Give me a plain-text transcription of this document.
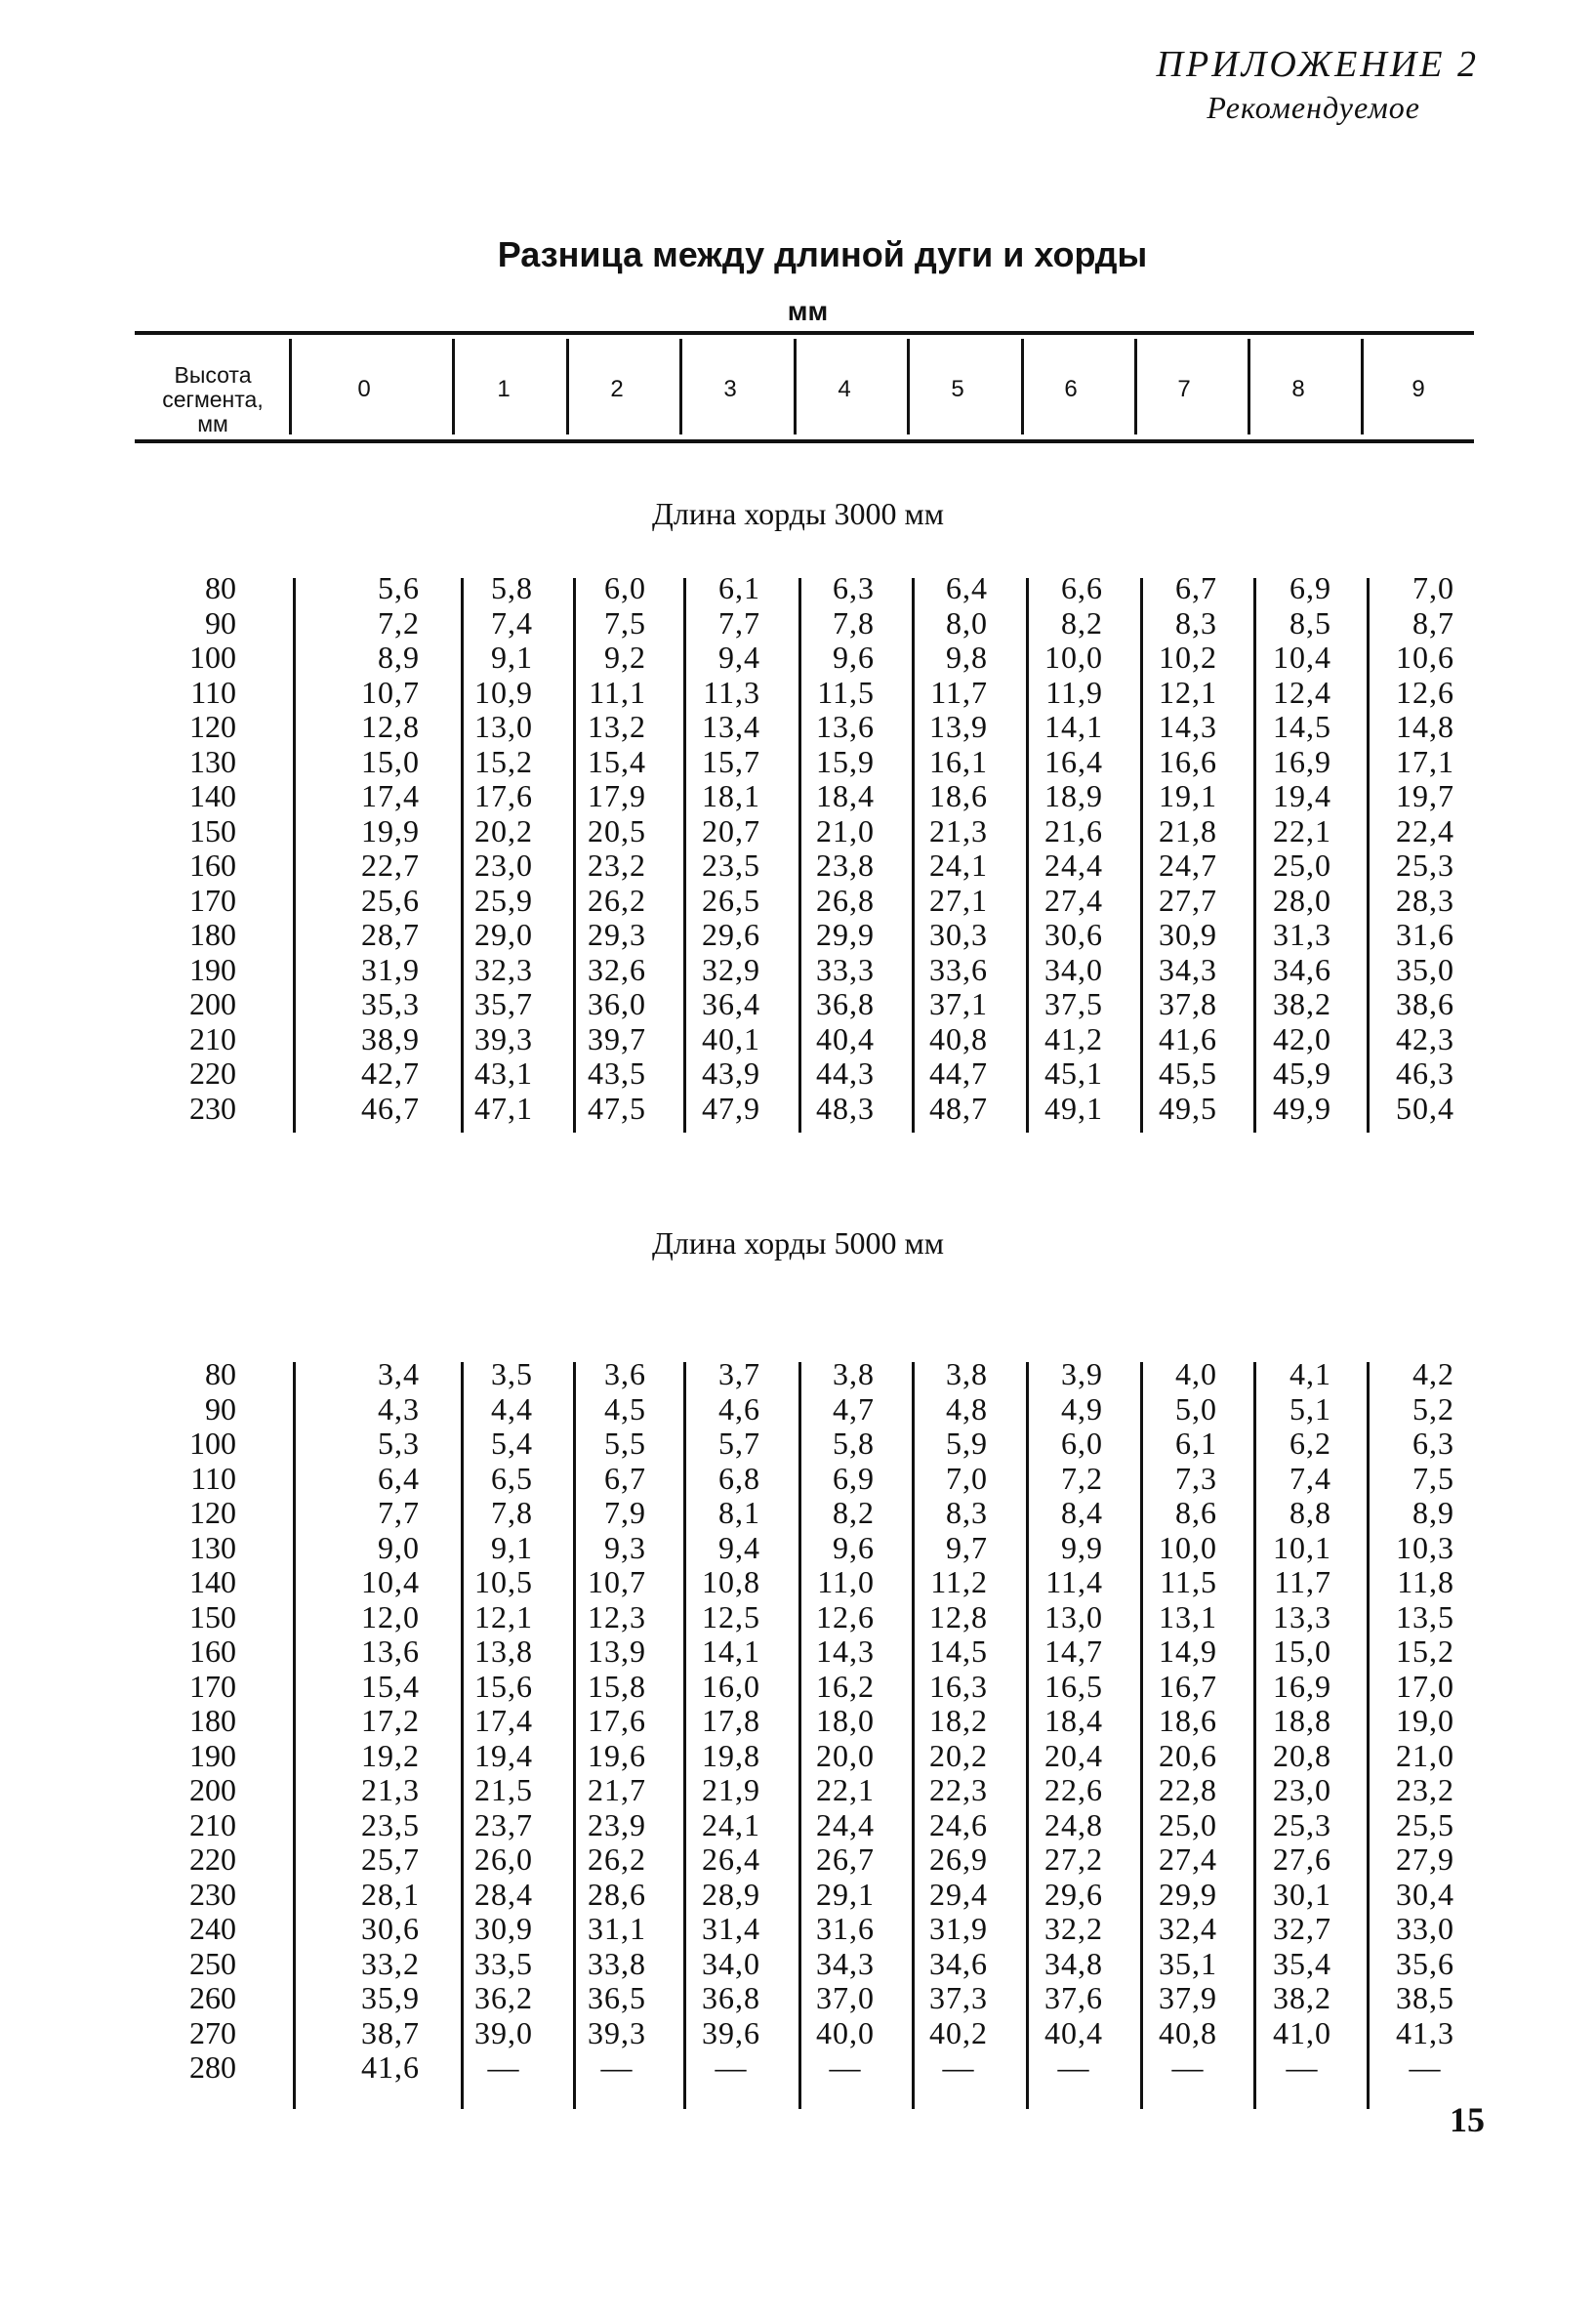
ПРИЛОЖЕНИЕ 2
Рекомендуемое
Разница между длиной дуги и хорды
мм
Высота
сегмента,
мм
0	1	2	3	4	5	6	7	8	9
Длина хорды 3000 мм
Длина хорды 5000 мм
80	5,6	5,8	6,0	6,1	6,3	6,4	6,6	6,7	6,9	7,0
90	7,2	7,4	7,5	7,7	7,8	8,0	8,2	8,3	8,5	8,7
100	8,9	9,1	9,2	9,4	9,6	9,8	10,0	10,2	10,4	10,6
110	10,7	10,9	11,1	11,3	11,5	11,7	11,9	12,1	12,4	12,6
120	12,8	13,0	13,2	13,4	13,6	13,9	14,1	14,3	14,5	14,8
130	15,0	15,2	15,4	15,7	15,9	16,1	16,4	16,6	16,9	17,1
140	17,4	17,6	17,9	18,1	18,4	18,6	18,9	19,1	19,4	19,7
150	19,9	20,2	20,5	20,7	21,0	21,3	21,6	21,8	22,1	22,4
160	22,7	23,0	23,2	23,5	23,8	24,1	24,4	24,7	25,0	25,3
170	25,6	25,9	26,2	26,5	26,8	27,1	27,4	27,7	28,0	28,3
180	28,7	29,0	29,3	29,6	29,9	30,3	30,6	30,9	31,3	31,6
190	31,9	32,3	32,6	32,9	33,3	33,6	34,0	34,3	34,6	35,0
200	35,3	35,7	36,0	36,4	36,8	37,1	37,5	37,8	38,2	38,6
210	38,9	39,3	39,7	40,1	40,4	40,8	41,2	41,6	42,0	42,3
220	42,7	43,1	43,5	43,9	44,3	44,7	45,1	45,5	45,9	46,3
230	46,7	47,1	47,5	47,9	48,3	48,7	49,1	49,5	49,9	50,4
80	3,4	3,5	3,6	3,7	3,8	3,8	3,9	4,0	4,1	4,2
90	4,3	4,4	4,5	4,6	4,7	4,8	4,9	5,0	5,1	5,2
100	5,3	5,4	5,5	5,7	5,8	5,9	6,0	6,1	6,2	6,3
110	6,4	6,5	6,7	6,8	6,9	7,0	7,2	7,3	7,4	7,5
120	7,7	7,8	7,9	8,1	8,2	8,3	8,4	8,6	8,8	8,9
130	9,0	9,1	9,3	9,4	9,6	9,7	9,9	10,0	10,1	10,3
140	10,4	10,5	10,7	10,8	11,0	11,2	11,4	11,5	11,7	11,8
150	12,0	12,1	12,3	12,5	12,6	12,8	13,0	13,1	13,3	13,5
160	13,6	13,8	13,9	14,1	14,3	14,5	14,7	14,9	15,0	15,2
170	15,4	15,6	15,8	16,0	16,2	16,3	16,5	16,7	16,9	17,0
180	17,2	17,4	17,6	17,8	18,0	18,2	18,4	18,6	18,8	19,0
190	19,2	19,4	19,6	19,8	20,0	20,2	20,4	20,6	20,8	21,0
200	21,3	21,5	21,7	21,9	22,1	22,3	22,6	22,8	23,0	23,2
210	23,5	23,7	23,9	24,1	24,4	24,6	24,8	25,0	25,3	25,5
220	25,7	26,0	26,2	26,4	26,7	26,9	27,2	27,4	27,6	27,9
230	28,1	28,4	28,6	28,9	29,1	29,4	29,6	29,9	30,1	30,4
240	30,6	30,9	31,1	31,4	31,6	31,9	32,2	32,4	32,7	33,0
250	33,2	33,5	33,8	34,0	34,3	34,6	34,8	35,1	35,4	35,6
260	35,9	36,2	36,5	36,8	37,0	37,3	37,6	37,9	38,2	38,5
270	38,7	39,0	39,3	39,6	40,0	40,2	40,4	40,8	41,0	41,3
280	41,6	—	—	—	—	—	—	—	—	—
15
